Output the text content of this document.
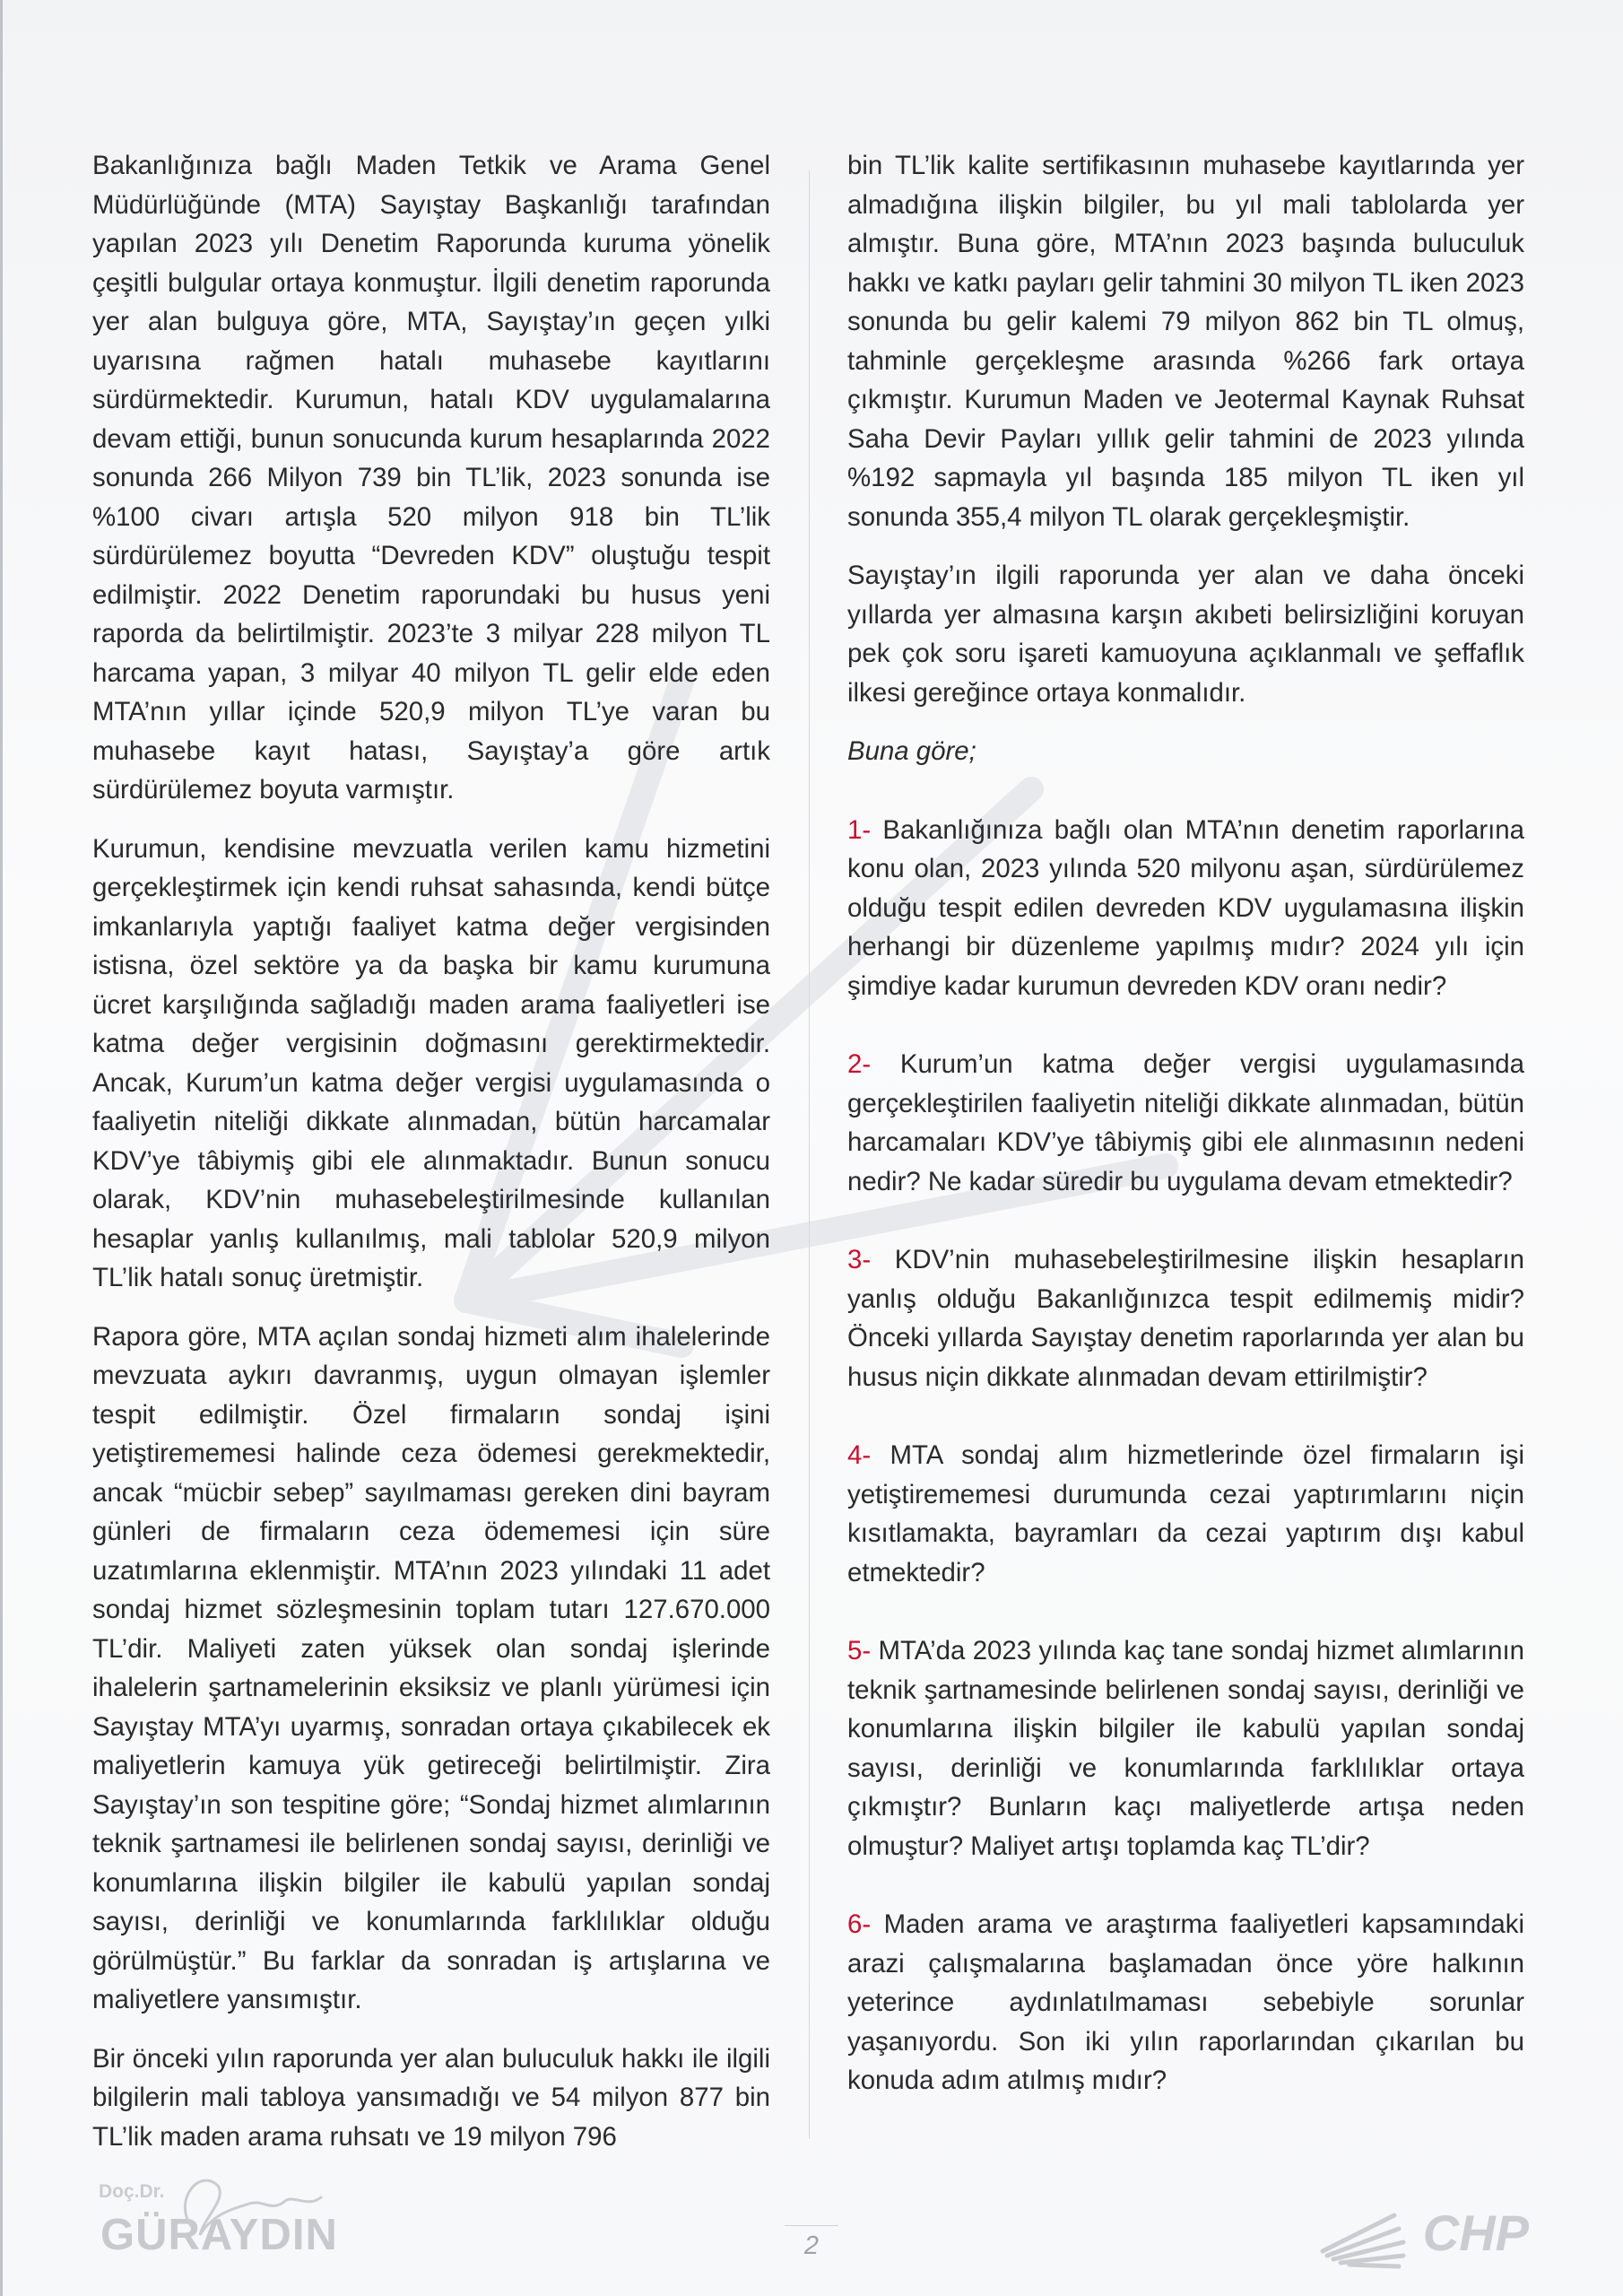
Bakanlığınıza bağlı Maden Tetkik ve Arama Genel Müdürlüğünde (MTA) Sayıştay Başkanlığı tarafından yapılan 2023 yılı Denetim Raporunda kuruma yönelik çeşitli bulgular ortaya konmuştur. İlgili denetim raporunda yer alan bulguya göre, MTA, Sayıştay’ın geçen yılki uyarısına rağmen hatalı muhasebe kayıtlarını sürdürmektedir. Kurumun, hatalı KDV uygulamalarına devam ettiği, bunun sonucunda kurum hesaplarında 2022 sonunda 266 Milyon 739 bin TL’lik, 2023 sonunda ise %100 civarı artışla 520 milyon 918 bin TL’lik sürdürülemez boyutta “Devreden KDV” oluştuğu tespit edilmiştir. 2022 Denetim raporundaki bu husus yeni raporda da belirtilmiştir. 2023’te 3 milyar 228 milyon TL harcama yapan, 3 milyar 40 milyon TL gelir elde eden MTA’nın yıllar içinde 520,9 milyon TL’ye varan bu muhasebe kayıt hatası, Sayıştay’a göre artık sürdürülemez boyuta varmıştır.

Kurumun, kendisine mevzuatla verilen kamu hizmetini gerçekleştirmek için kendi ruhsat sahasında, kendi bütçe imkanlarıyla yaptığı faaliyet katma değer vergisinden istisna, özel sektöre ya da başka bir kamu kurumuna ücret karşılığında sağladığı maden arama faaliyetleri ise katma değer vergisinin doğmasını gerektirmektedir. Ancak, Kurum’un katma değer vergisi uygulamasında o faaliyetin niteliği dikkate alınmadan, bütün harcamalar KDV’ye tâbiymiş gibi ele alınmaktadır. Bunun sonucu olarak, KDV’nin muhasebeleştirilmesinde kullanılan hesaplar yanlış kullanılmış, mali tablolar 520,9 milyon TL’lik hatalı sonuç üretmiştir.

Rapora göre, MTA açılan sondaj hizmeti alım ihalelerinde mevzuata aykırı davranmış, uygun olmayan işlemler tespit edilmiştir. Özel firmaların sondaj işini yetiştirememesi halinde ceza ödemesi gerekmektedir, ancak “mücbir sebep” sayılmaması gereken dini bayram günleri de firmaların ceza ödememesi için süre uzatımlarına eklenmiştir. MTA’nın 2023 yılındaki 11 adet sondaj hizmet sözleşmesinin toplam tutarı 127.670.000 TL’dir. Maliyeti zaten yüksek olan sondaj işlerinde ihalelerin şartnamelerinin eksiksiz ve planlı yürümesi için Sayıştay MTA’yı uyarmış, sonradan ortaya çıkabilecek ek maliyetlerin kamuya yük getireceği belirtilmiştir. Zira Sayıştay’ın son tespitine göre; “Sondaj hizmet alımlarının teknik şartnamesi ile belirlenen sondaj sayısı, derinliği ve konumlarına ilişkin bilgiler ile kabulü yapılan sondaj sayısı, derinliği ve konumlarında farklılıklar olduğu görülmüştür.” Bu farklar da sonradan iş artışlarına ve maliyetlere yansımıştır.

Bir önceki yılın raporunda yer alan buluculuk hakkı ile ilgili bilgilerin mali tabloya yansımadığı ve 54 milyon 877 bin TL’lik maden arama ruhsatı ve 19 milyon 796

bin TL’lik kalite sertifikasının muhasebe kayıtlarında yer almadığına ilişkin bilgiler, bu yıl mali tablolarda yer almıştır. Buna göre, MTA’nın 2023 başında buluculuk hakkı ve katkı payları gelir tahmini 30 milyon TL iken 2023 sonunda bu gelir kalemi 79 milyon 862 bin TL olmuş, tahminle gerçekleşme arasında %266 fark ortaya çıkmıştır. Kurumun Maden ve Jeotermal Kaynak Ruhsat Saha Devir Payları yıllık gelir tahmini de 2023 yılında %192 sapmayla yıl başında 185 milyon TL iken yıl sonunda 355,4 milyon TL olarak gerçekleşmiştir.

Sayıştay’ın ilgili raporunda yer alan ve daha önceki yıllarda yer almasına karşın akıbeti belirsizliğini koruyan pek çok soru işareti kamuoyuna açıklanmalı ve şeffaflık ilkesi gereğince ortaya konmalıdır.

Buna göre;

1- Bakanlığınıza bağlı olan MTA’nın denetim raporlarına konu olan, 2023 yılında 520 milyonu aşan, sürdürülemez olduğu tespit edilen devreden KDV uygulamasına ilişkin herhangi bir düzenleme yapılmış mıdır? 2024 yılı için şimdiye kadar kurumun devreden KDV oranı nedir?

2- Kurum’un katma değer vergisi uygulamasında gerçekleştirilen faaliyetin niteliği dikkate alınmadan, bütün harcamaları KDV’ye tâbiymiş gibi ele alınmasının nedeni nedir? Ne kadar süredir bu uygulama devam etmektedir?

3- KDV’nin muhasebeleştirilmesine ilişkin hesapların yanlış olduğu Bakanlığınızca tespit edilmemiş midir? Önceki yıllarda Sayıştay denetim raporlarında yer alan bu husus niçin dikkate alınmadan devam ettirilmiştir?

4- MTA sondaj alım hizmetlerinde özel firmaların işi yetiştirememesi durumunda cezai yaptırımlarını niçin kısıtlamakta, bayramları da cezai yaptırım dışı kabul etmektedir?

5- MTA’da 2023 yılında kaç tane sondaj hizmet alımlarının teknik şartnamesinde belirlenen sondaj sayısı, derinliği ve konumlarına ilişkin bilgiler ile kabulü yapılan sondaj sayısı, derinliği ve konumlarında farklılıklar ortaya çıkmıştır? Bunların kaçı maliyetlerde artışa neden olmuştur? Maliyet artışı toplamda kaç TL’dir?

6- Maden arama ve araştırma faaliyetleri kapsamındaki arazi çalışmalarına başlamadan önce yöre halkının yeterince aydınlatılmaması sebebiyle sorunlar yaşanıyordu. Son iki yılın raporlarından çıkarılan bu konuda adım atılmış mıdır?

Doç.Dr.
GÜRAYDIN	2	CHP
